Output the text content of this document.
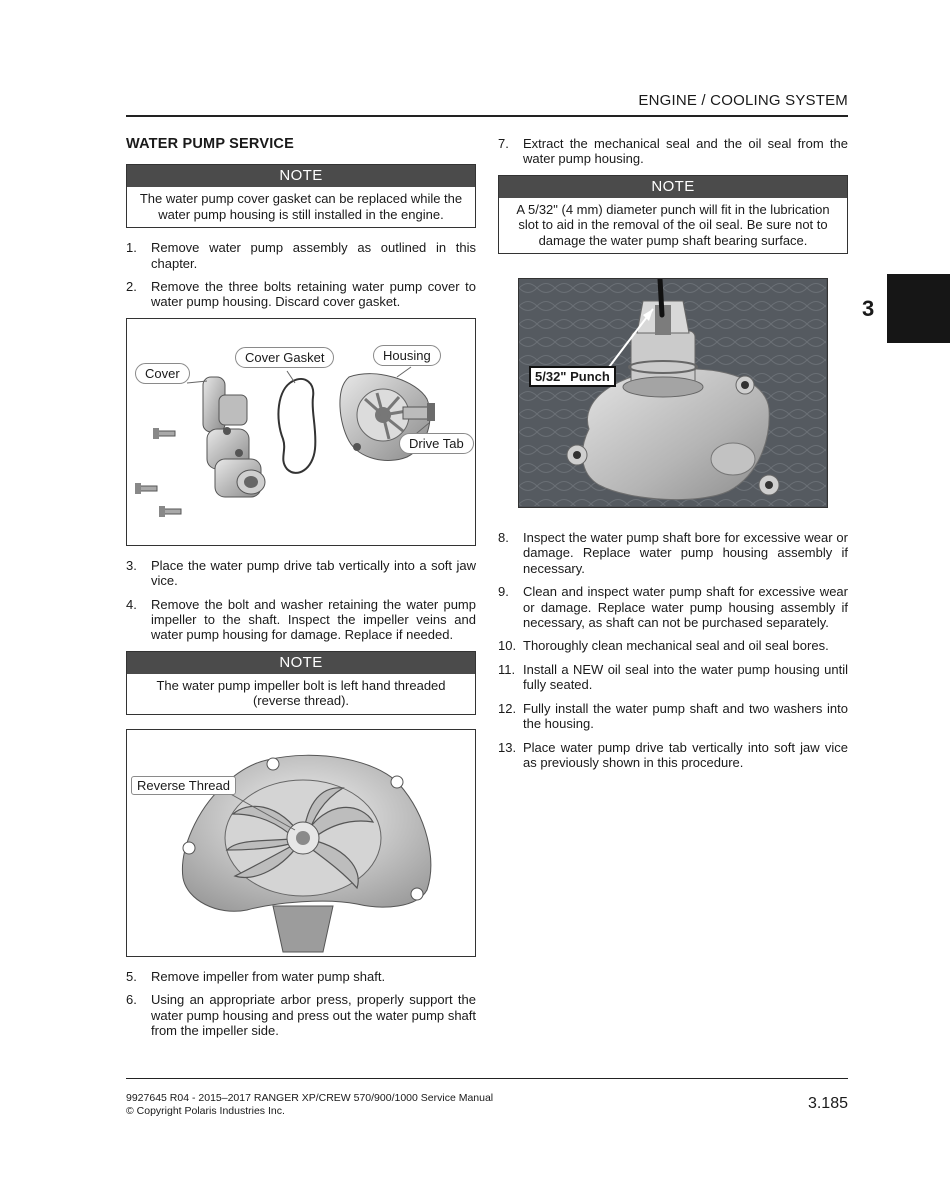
ENGINE / COOLING SYSTEM
3
WATER PUMP SERVICE
NOTE
The water pump cover gasket can be replaced while the water pump housing is still installed in the engine.
1.	Remove water pump assembly as outlined in this chapter.
2.	Remove the three bolts retaining water pump cover to water pump housing. Discard cover gasket.
Cover
Cover Gasket	Housing
Drive Tab
3.	Place the water pump drive tab vertically into a soft jaw vice.
4.	Remove the bolt and washer retaining the water pump impeller to the shaft. Inspect the impeller veins and water pump housing for damage. Replace if needed.
NOTE
The water pump impeller bolt is left hand threaded (reverse thread).
Reverse Thread
5.	Remove impeller from water pump shaft.
6.	Using an appropriate arbor press, properly support the water pump housing and press out the water pump shaft from the impeller side.
7.	Extract the mechanical seal and the oil seal from the water pump housing.
NOTE
A 5/32" (4 mm) diameter punch will fit in the lubrication slot to aid in the removal of the oil seal. Be sure not to damage the water pump shaft bearing surface.
5/32" Punch
8.	Inspect the water pump shaft bore for excessive wear or damage. Replace water pump housing assembly if necessary.
9.	Clean and inspect water pump shaft for excessive wear or damage. Replace water pump housing assembly if necessary, as shaft can not be purchased separately.
10. Thoroughly clean mechanical seal and oil seal bores.
11. Install a NEW oil seal into the water pump housing until fully seated.
12. Fully install the water pump shaft and two washers into the housing.
13. Place water pump drive tab vertically into soft jaw vice as previously shown in this procedure.
9927645 R04 - 2015–2017 RANGER XP/CREW 570/900/1000 Service Manual
© Copyright Polaris Industries Inc.	3.185
